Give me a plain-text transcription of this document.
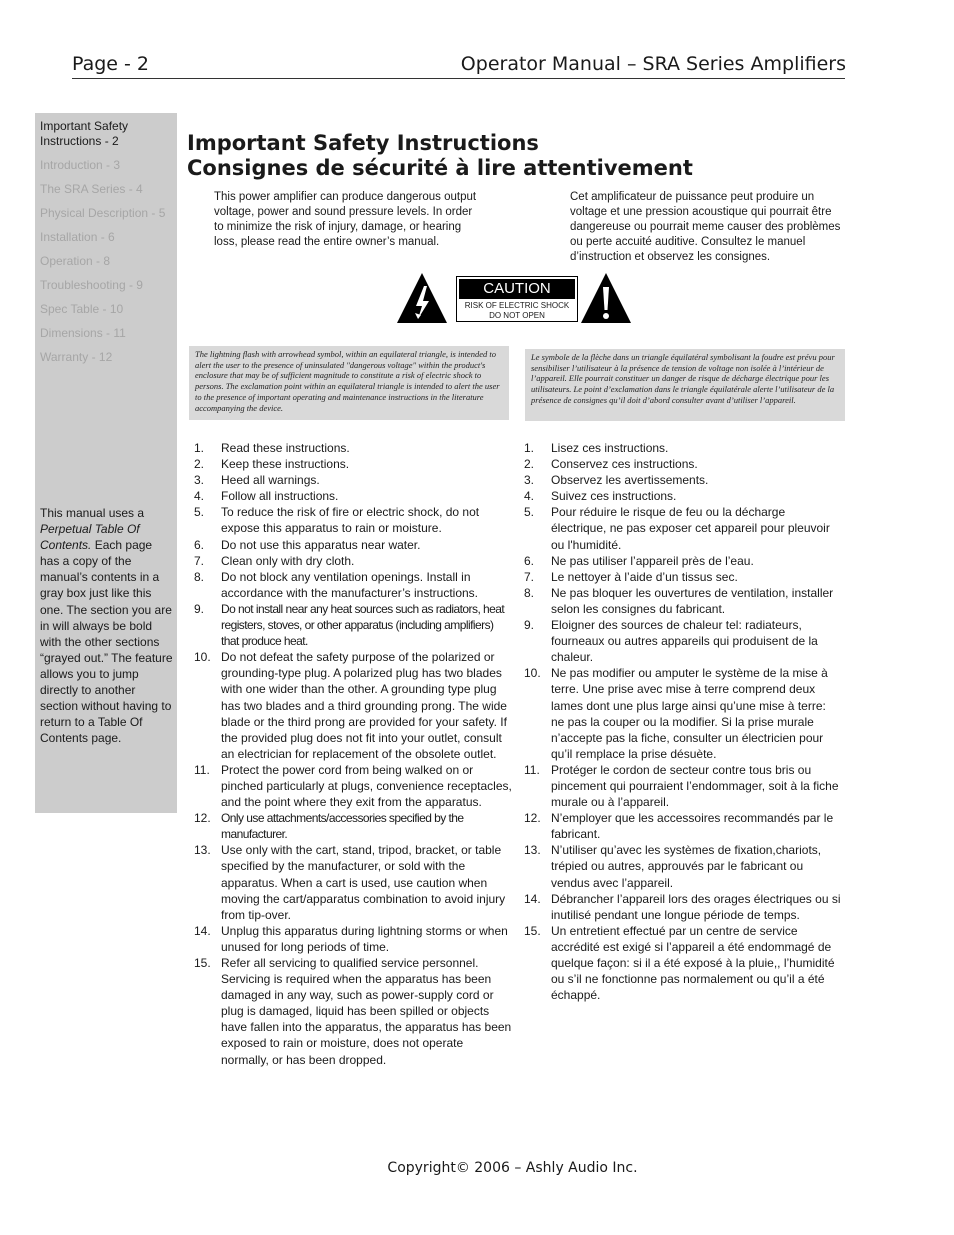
Page - 2	Operator Manual – SRA Series Amplifiers
Important Safety Instructions - 2
Introduction - 3
The SRA Series - 4
Physical Description - 5
Installation - 6
Operation - 8
Troubleshooting - 9
Spec Table - 10
Dimensions - 11
Warranty - 12
This manual uses a Perpetual Table Of Contents. Each page has a copy of the manual’s contents in a gray box just like this one. The section you are in will always be bold with the other sections “grayed out.” The feature allows you to jump directly to another section without having to return to a Table Of Contents page.
Important Safety Instructions
Consignes de sécurité à lire attentivement
This power amplifier can produce dangerous output voltage, power and sound pressure levels. In order to minimize the risk of injury, damage, or hearing loss, please read the entire owner’s manual.
Cet amplificateur de puissance peut produire un voltage et une pression acoustique qui pourrait être dangereuse ou pourrait meme causer des problèmes ou perte accuité auditive. Consultez le manuel d’instruction et observez les consignes.
CAUTION
RISK OF ELECTRIC SHOCK
DO NOT OPEN
The lightning flash with arrowhead symbol, within an equilateral triangle, is intended to alert the user to the presence of uninsulated "dangerous voltage" within the product's enclosure that may be of sufficient magnitude to constitute a risk of electric shock to persons. The exclamation point within an equilateral triangle is intended to alert the user to the presence of important operating and maintenance instructions in the literature accompanying the device.
Le symbole de la flèche dans un triangle équilatéral symbolisant la foudre est prévu pour sensibiliser l’utilisateur à la présence de tension de voltage non isolée à l’intérieur de l’appareil. Elle pourrait constituer un danger de risque de décharge électrique pour les utilisateurs. Le point d’exclamation dans le triangle équilatérale alerte l’utilisateur de la présence de consignes qu’il doit d’abord consulter avant d’utiliser l’appareil.
1. Read these instructions.
2. Keep these instructions.
3. Heed all warnings.
4. Follow all instructions.
5. To reduce the risk of fire or electric shock, do not expose this apparatus to rain or moisture.
6. Do not use this apparatus near water.
7. Clean only with dry cloth.
8. Do not block any ventilation openings. Install in accordance with the manufacturer’s instructions.
9. Do not install near any heat sources such as radiators, heat registers, stoves, or other apparatus (including amplifiers) that produce heat.
10. Do not defeat the safety purpose of the polarized or grounding-type plug. A polarized plug has two blades with one wider than the other. A grounding type plug has two blades and a third grounding prong. The wide blade or the third prong are provided for your safety. If the provided plug does not fit into your outlet, consult an electrician for replacement of the obsolete outlet.
11. Protect the power cord from being walked on or pinched particularly at plugs, convenience receptacles, and the point where they exit from the apparatus.
12. Only use attachments/accessories specified by the manufacturer.
13. Use only with the cart, stand, tripod, bracket, or table specified by the manufacturer, or sold with the apparatus. When a cart is used, use caution when moving the cart/apparatus combination to avoid injury from tip-over.
14. Unplug this apparatus during lightning storms or when unused for long periods of time.
15. Refer all servicing to qualified service personnel. Servicing is required when the apparatus has been damaged in any way, such as power-supply cord or plug is damaged, liquid has been spilled or objects have fallen into the apparatus, the apparatus has been exposed to rain or moisture, does not operate normally, or has been dropped.
1. Lisez ces instructions.
2. Conservez ces instructions.
3. Observez les avertissements.
4. Suivez ces instructions.
5. Pour réduire le risque de feu ou la décharge électrique, ne pas exposer cet appareil pour pleuvoir ou l'humidité.
6. Ne pas utiliser l’appareil près de l’eau.
7. Le nettoyer à l’aide d’un tissus sec.
8. Ne pas bloquer les ouvertures de ventilation, installer selon les consignes du fabricant.
9. Eloigner des sources de chaleur tel: radiateurs, fourneaux ou autres appareils qui produisent de la chaleur.
10. Ne pas modifier ou amputer le système de la mise à terre. Une prise avec mise à terre comprend deux lames dont une plus large ainsi qu’une mise à terre: ne pas la couper ou la modifier. Si la prise murale n’accepte pas la fiche, consulter un électricien pour qu’il remplace la prise désuète.
11. Protéger le cordon de secteur contre tous bris ou pincement qui pourraient l’endommager, soit à la fiche murale ou à l’appareil.
12. N’employer que les accessoires recommandés par le fabricant.
13. N’utiliser qu’avec les systèmes de fixation,chariots, trépied ou autres, approuvés par le fabricant ou vendus avec l’appareil.
14. Débrancher l’appareil lors des orages électriques ou si inutilisé pendant une longue période de temps.
15. Un entretient effectué par un centre de service accrédité est exigé si l’appareil a été endommagé de quelque façon: si il a été exposé à la pluie,, l’humidité ou s’il ne fonctionne pas normalement ou qu’il a été échappé.
Copyright© 2006 – Ashly Audio Inc.
